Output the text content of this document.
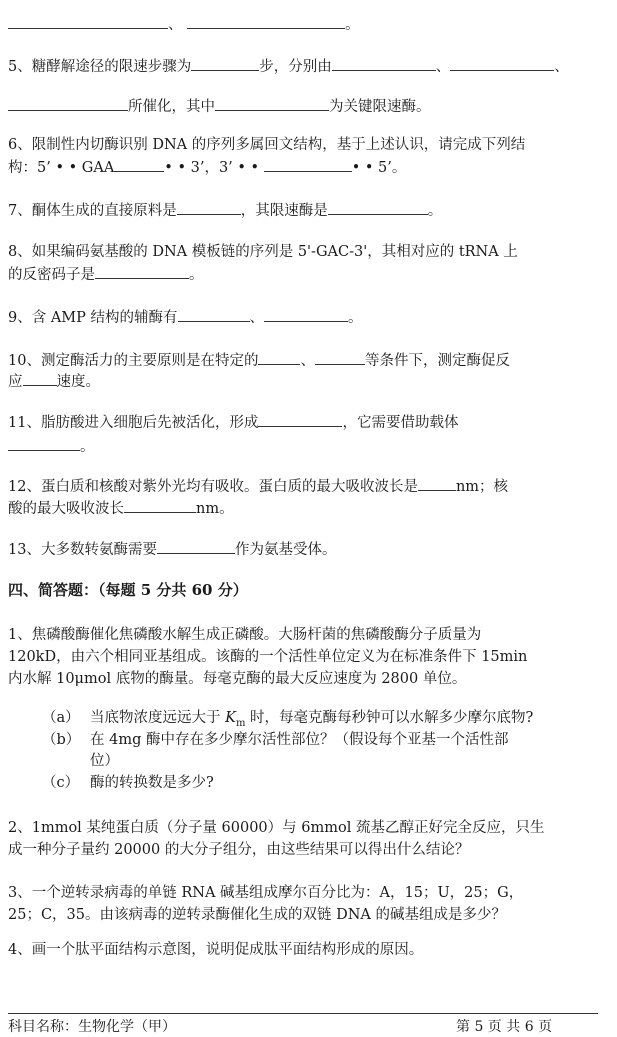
、	。
5、糖酵解途径的限速步骤为	步，分别由	、	、
所催化，其中	为关键限速酶。
6、限制性内切酶识别 DNA 的序列多属回文结构，基于上述认识，请完成下列结
构：5’ • • GAA	• • 3’，3’ • •	• • 5’。
7、酮体生成的直接原料是	，其限速酶是	。
8、如果编码氨基酸的 DNA 模板链的序列是 5'-GAC-3'，其相对应的 tRNA 上
的反密码子是	。
9、含 AMP 结构的辅酶有	、	。
10、测定酶活力的主要原则是在特定的	、	等条件下，测定酶促反
应 速度。
11、脂肪酸进入细胞后先被活化，形成	，它需要借助载体
。
12、蛋白质和核酸对紫外光均有吸收。蛋白质的最大吸收波长是	nm；核
酸的最大吸收波长	nm。
13、大多数转氨酶需要	作为氨基受体。
四、简答题：（每题 5 分共 60 分）
1、焦磷酸酶催化焦磷酸水解生成正磷酸。大肠杆菌的焦磷酸酶分子质量为
120kD，由六个相同亚基组成。该酶的一个活性单位定义为在标准条件下 15min
内水解 10μmol 底物的酶量。每毫克酶的最大反应速度为 2800 单位。
（a） 当底物浓度远远大于 $K_m$ 时，每毫克酶每秒钟可以水解多少摩尔底物?
（b） 在 4mg 酶中存在多少摩尔活性部位？（假设每个亚基一个活性部
位）
（c） 酶的转换数是多少?
2、1mmol 某纯蛋白质（分子量 60000）与 6mmol 巯基乙醇正好完全反应，只生
成一种分子量约 20000 的大分子组分，由这些结果可以得出什么结论？
3、一个逆转录病毒的单链 RNA 碱基组成摩尔百分比为：A，15；U，25；G，
25；C，35。由该病毒的逆转录酶催化生成的双链 DNA 的碱基组成是多少？
4、画一个肽平面结构示意图，说明促成肽平面结构形成的原因。
科目名称：生物化学（甲）	第 5 页 共 6 页
